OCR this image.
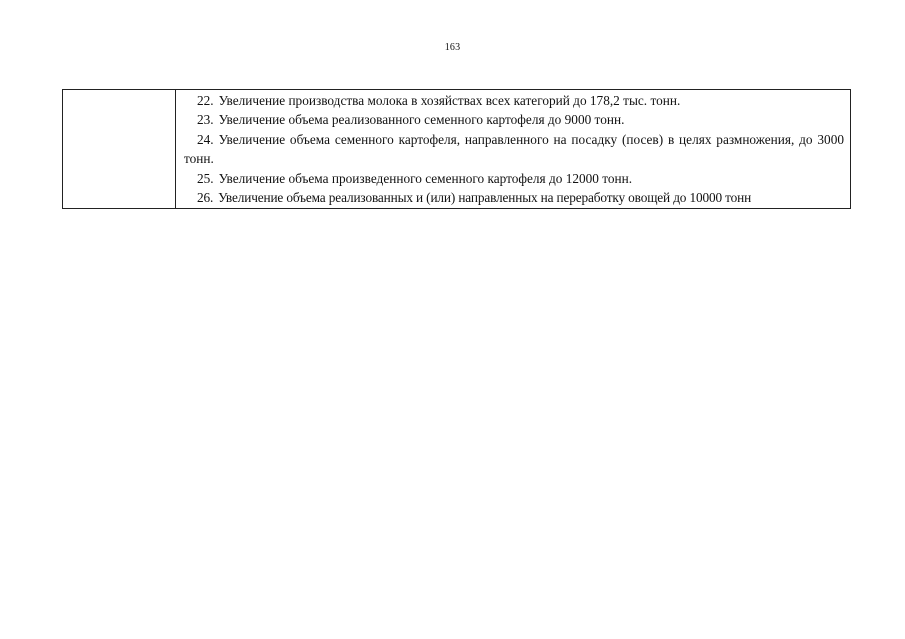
163

22. Увеличение производства молока в хозяйствах всех категорий до 178,2 тыс. тонн.

23. Увеличение объема реализованного семенного картофеля до 9000 тонн.

24. Увеличение объема семенного картофеля, направленного на посадку (посев) в целях размножения, до 3000 тонн.

25. Увеличение объема произведенного семенного картофеля до 12000 тонн.

26. Увеличение объема реализованных и (или) направленных на переработку овощей до 10000 тонн
